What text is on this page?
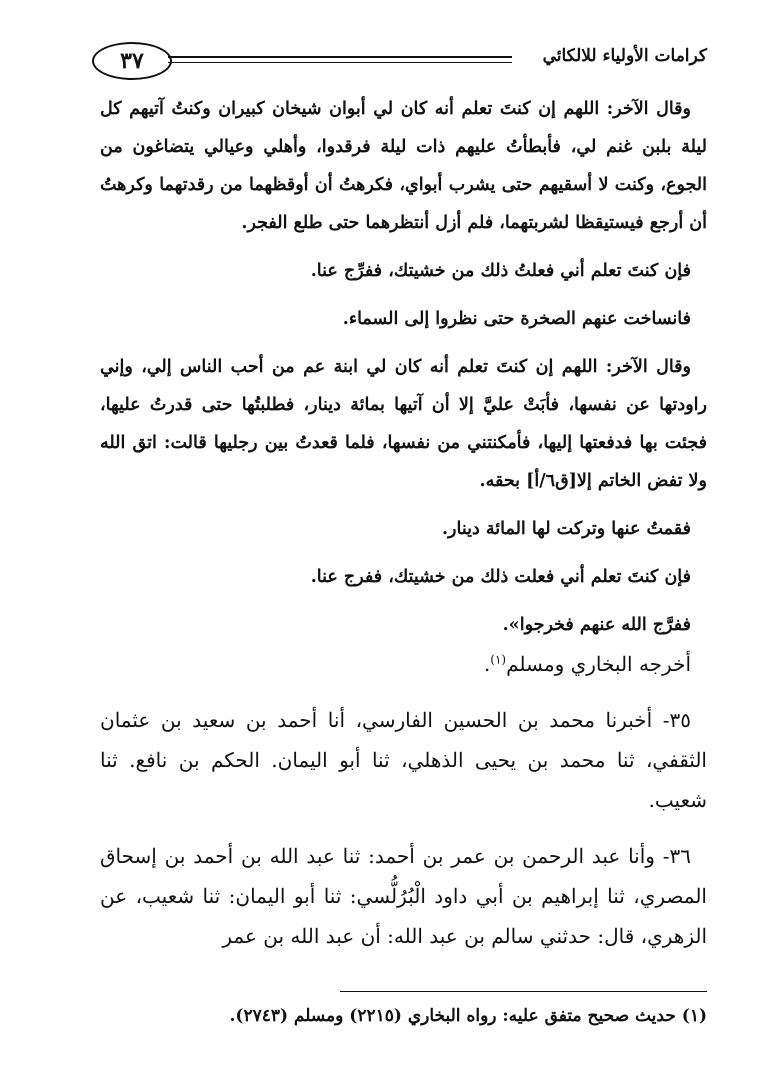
٣٧	كرامات الأولياء للالكائي

وقال الآخر: اللهم إن كنتَ تعلم أنه كان لي أبوان شيخان كبيران وكنتُ آتيهم كل ليلة بلبن غنم لي، فأبطأتُ عليهم ذات ليلة فرقدوا، وأهلي وعيالي يتضاغون من الجوع، وكنت لا أسقيهم حتى يشرب أبواي، فكرهتُ أن أوقظهما من رقدتهما وكرهتُ أن أرجع فيستيقظا لشربتهما، فلم أزل أنتظرهما حتى طلع الفجر.

فإن كنتَ تعلم أني فعلتُ ذلك من خشيتك، ففرِّج عنا.

فانساخت عنهم الصخرة حتى نظروا إلى السماء.

وقال الآخر: اللهم إن كنتَ تعلم أنه كان لي ابنة عم من أحب الناس إلي، وإني راودتها عن نفسها، فأبَتْ عليَّ إلا أن آتيها بمائة دينار، فطلبتُها حتى قدرتُ عليها، فجئت بها فدفعتها إليها، فأمكنتني من نفسها، فلما قعدتُ بين رجليها قالت: اتق الله ولا تفض الخاتم إلا[ق٦/أ] بحقه.

فقمتُ عنها وتركت لها المائة دينار.

فإن كنتَ تعلم أني فعلت ذلك من خشيتك، ففرج عنا.

ففرَّج الله عنهم فخرجوا».

أخرجه البخاري ومسلم$^{(١)}$.

٣٥- أخبرنا محمد بن الحسين الفارسي، أنا أحمد بن سعيد بن عثمان الثقفي، ثنا محمد بن يحيى الذهلي، ثنا أبو اليمان. الحكم بن نافع. ثنا شعيب.

٣٦- وأنا عبد الرحمن بن عمر بن أحمد: ثنا عبد الله بن أحمد بن إسحاق المصري، ثنا إبراهيم بن أبي داود الْبُرُلُّسي: ثنا أبو اليمان: ثنا شعيب، عن الزهري، قال: حدثني سالم بن عبد الله: أن عبد الله بن عمر

(١) حديث صحيح متفق عليه: رواه البخاري (٢٢١٥) ومسلم (٢٧٤٣).
